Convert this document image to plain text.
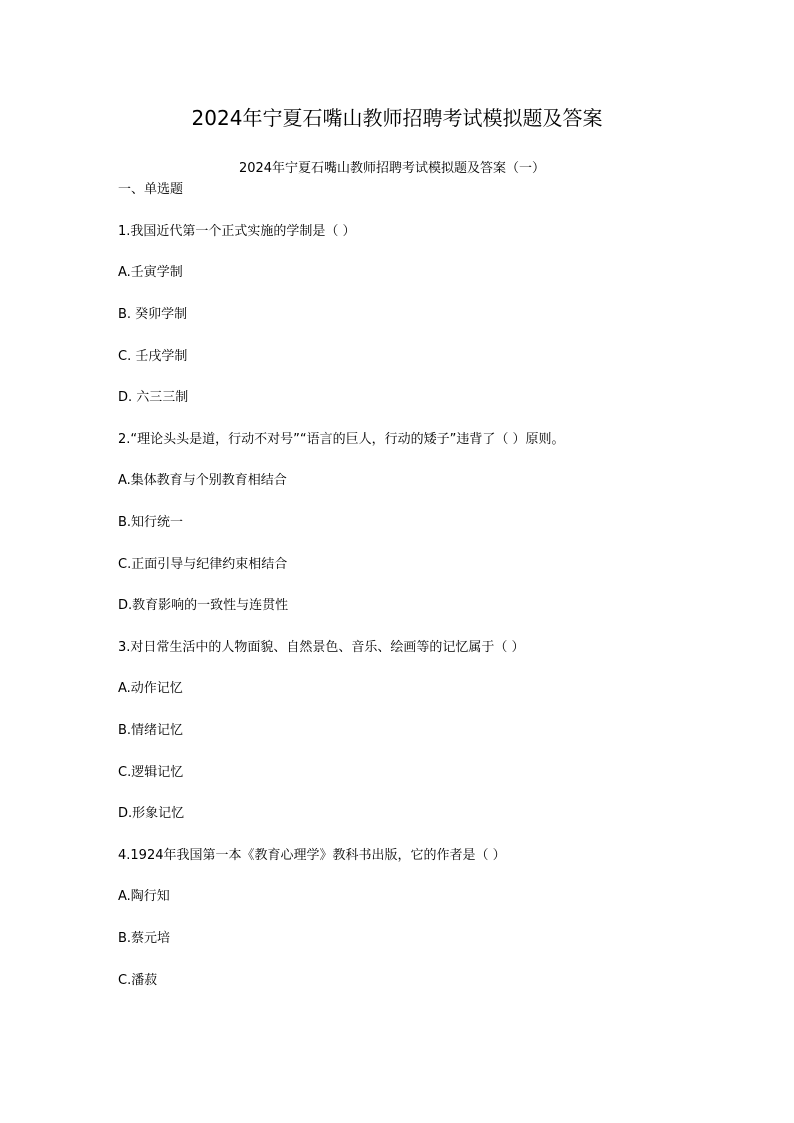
2024年宁夏石嘴山教师招聘考试模拟题及答案
2024年宁夏石嘴山教师招聘考试模拟题及答案（一）
一、单选题
1.我国近代第一个正式实施的学制是（ ）
A.壬寅学制
B. 癸卯学制
C. 壬戌学制
D. 六三三制
2.“理论头头是道，行动不对号”“语言的巨人，行动的矮子”违背了（ ）原则。
A.集体教育与个别教育相结合
B.知行统一
C.正面引导与纪律约束相结合
D.教育影响的一致性与连贯性
3.对日常生活中的人物面貌、自然景色、音乐、绘画等的记忆属于（ ）
A.动作记忆
B.情绪记忆
C.逻辑记忆
D.形象记忆
4.1924年我国第一本《教育心理学》教科书出版，它的作者是（ ）
A.陶行知
B.蔡元培
C.潘菽
